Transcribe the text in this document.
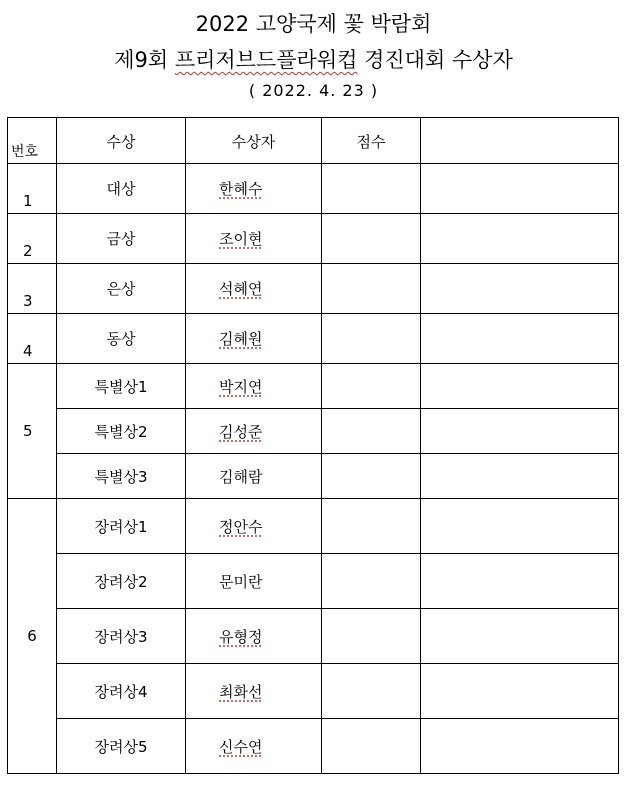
2022 고양국제 꽃 박람회
제9회 프리저브드플라워컵 경진대회 수상자
( 2022. 4. 23 )
번호	수상	수상자	점수	
1	대상	한혜수		
2	금상	조이현		
3	은상	석혜연		
4	동상	김혜원		
5	특별상1	박지연		
	특별상2	김성준		
	특별상3	김해람		
6	장려상1	정안수		
	장려상2	문미란		
	장려상3	유형정		
	장려상4	최화선		
	장려상5	신수연		
